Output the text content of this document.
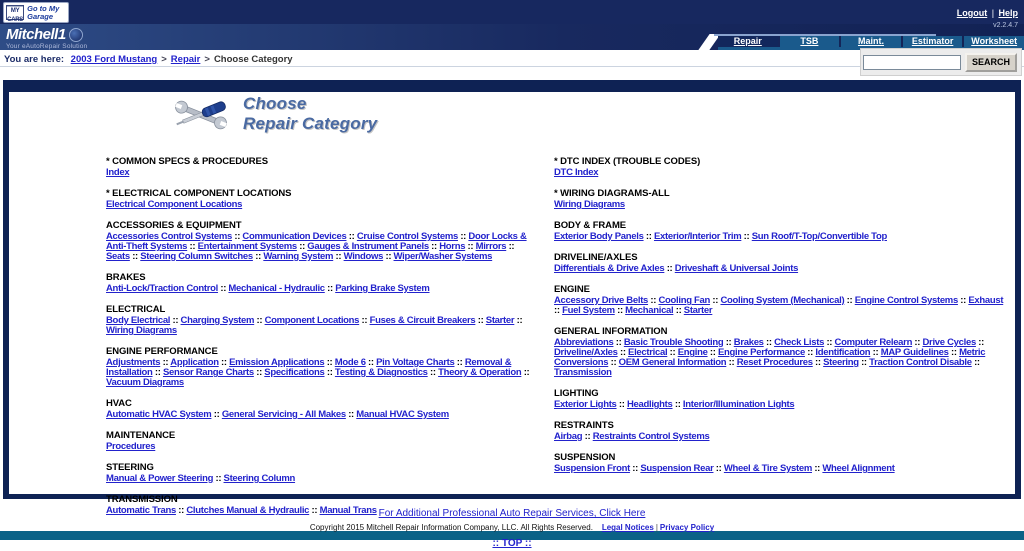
MY CARS
Go to My Garage	Logout | Help
v2.2.4.7
Mitchell1
Your eAutoRepair Solution
Repair	TSB	Maint.	Estimator	Worksheet
You are here: 2003 Ford Mustang > Repair > Choose Category	SEARCH
Choose
Repair Category
* COMMON SPECS & PROCEDURES
Index
* ELECTRICAL COMPONENT LOCATIONS
Electrical Component Locations
ACCESSORIES & EQUIPMENT
Accessories Control Systems :: Communication Devices :: Cruise Control Systems :: Door Locks & Anti-Theft Systems :: Entertainment Systems :: Gauges & Instrument Panels :: Horns :: Mirrors :: Seats :: Steering Column Switches :: Warning System :: Windows :: Wiper/Washer Systems
BRAKES
Anti-Lock/Traction Control :: Mechanical - Hydraulic :: Parking Brake System
ELECTRICAL
Body Electrical :: Charging System :: Component Locations :: Fuses & Circuit Breakers :: Starter :: Wiring Diagrams
ENGINE PERFORMANCE
Adjustments :: Application :: Emission Applications :: Mode 6 :: Pin Voltage Charts :: Removal & Installation :: Sensor Range Charts :: Specifications :: Testing & Diagnostics :: Theory & Operation :: Vacuum Diagrams
HVAC
Automatic HVAC System :: General Servicing - All Makes :: Manual HVAC System
MAINTENANCE
Procedures
STEERING
Manual & Power Steering :: Steering Column
TRANSMISSION
Automatic Trans :: Clutches Manual & Hydraulic :: Manual Trans
* DTC INDEX (TROUBLE CODES)
DTC Index
* WIRING DIAGRAMS-ALL
Wiring Diagrams
BODY & FRAME
Exterior Body Panels :: Exterior/Interior Trim :: Sun Roof/T-Top/Convertible Top
DRIVELINE/AXLES
Differentials & Drive Axles :: Driveshaft & Universal Joints
ENGINE
Accessory Drive Belts :: Cooling Fan :: Cooling System (Mechanical) :: Engine Control Systems :: Exhaust :: Fuel System :: Mechanical :: Starter
GENERAL INFORMATION
Abbreviations :: Basic Trouble Shooting :: Brakes :: Check Lists :: Computer Relearn :: Drive Cycles :: Driveline/Axles :: Electrical :: Engine :: Engine Performance :: Identification :: MAP Guidelines :: Metric Conversions :: OEM General Information :: Reset Procedures :: Steering :: Traction Control Disable :: Transmission
LIGHTING
Exterior Lights :: Headlights :: Interior/Illumination Lights
RESTRAINTS
Airbag :: Restraints Control Systems
SUSPENSION
Suspension Front :: Suspension Rear :: Wheel & Tire System :: Wheel Alignment
For Additional Professional Auto Repair Services, Click Here
Copyright 2015 Mitchell Repair Information Company, LLC. All Rights Reserved. Legal Notices | Privacy Policy
:: TOP ::
